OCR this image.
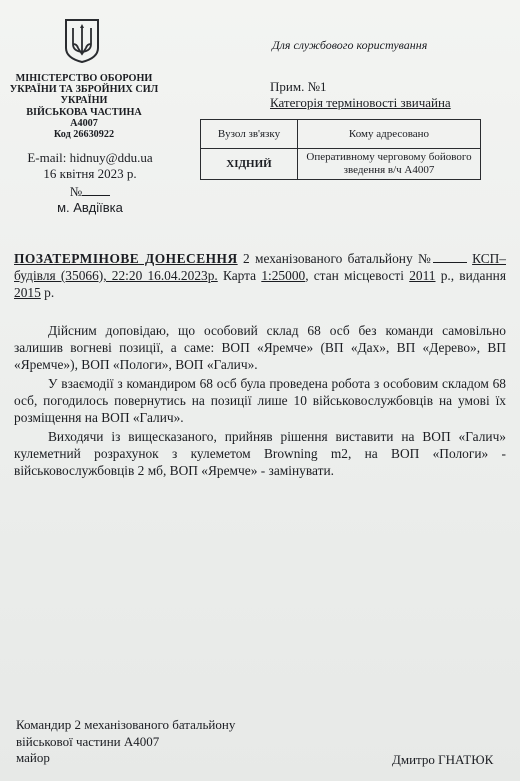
МІНІСТЕРСТВО ОБОРОНИ
УКРАЇНИ ТА ЗБРОЙНИХ СИЛ
УКРАЇНИ
ВІЙСЬКОВА ЧАСТИНА
А4007
Код 26630922
E-mail: hidnuy@ddu.ua
16 квітня 2023 р.
№
м. Авдіївка
Для службового користування
Прим. №1
Категорія терміновості звичайна
Вузол зв'язку	Кому адресовано
ХІДНИЙ	Оперативному черговому бойового зведення в/ч А4007
ПОЗАТЕРМІНОВЕ ДОНЕСЕННЯ 2 механізованого батальйону №	КСП– будівля (35066), 22:20 16.04.2023р. Карта 1:25000, стан місцевості 2011 р., видання 2015 р.

Дійсним доповідаю, що особовий склад 68 осб без команди самовільно залишив вогневі позиції, а саме: ВОП «Яремче» (ВП «Дах», ВП «Дерево», ВП «Яремче»), ВОП «Пологи», ВОП «Галич».

У взаємодії з командиром 68 осб була проведена робота з особовим складом 68 осб, погодилось повернутись на позиції лише 10 військовослужбовців на умові їх розміщення на ВОП «Галич».

Виходячи із вищесказаного, прийняв рішення виставити на ВОП «Галич» кулеметний розрахунок з кулеметом Browning m2, на ВОП «Пологи» - військовослужбовців 2 мб, ВОП «Яремче» - замінувати.

Командир 2 механізованого батальйону
військової частини А4007
майор	Дмитро ГНАТЮК
